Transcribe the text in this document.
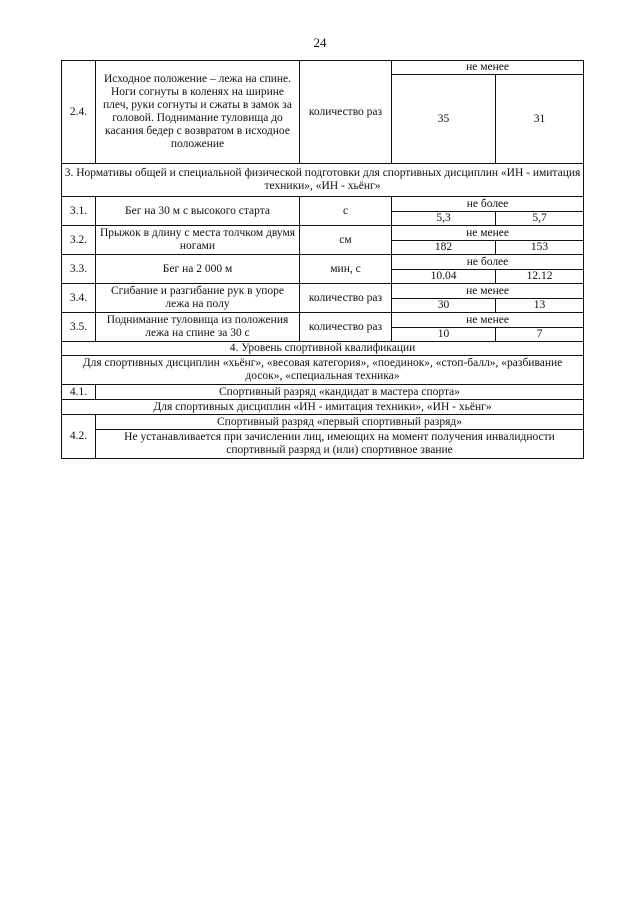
24
2.4.	Исходное положение – лежа на спине. Ноги согнуты в коленях на ширине плеч, руки согнуты и сжаты в замок за головой. Поднимание туловища до касания бедер с возвратом в исходное положение	количество раз	не менее	
			35	31
3. Нормативы общей и специальной физической подготовки для спортивных дисциплин «ИН - имитация техники», «ИН - хьёнг»				
3.1.	Бег на 30 м с высокого старта	с	не более	
			5,3	5,7
3.2.	Прыжок в длину с места толчком двумя ногами	см	не менее	
			182	153
3.3.	Бег на 2 000 м	мин, с	не более	
			10.04	12.12
3.4.	Сгибание и разгибание рук в упоре лежа на полу	количество раз	не менее	
			30	13
3.5.	Поднимание туловища из положения лежа на спине за 30 с	количество раз	не менее	
			10	7
4. Уровень спортивной квалификации				
Для спортивных дисциплин «хьёнг», «весовая категория», «поединок», «стоп-балл», «разбивание досок», «специальная техника»				
4.1.	Спортивный разряд «кандидат в мастера спорта»			
Для спортивных дисциплин «ИН - имитация техники», «ИН - хьёнг»				
4.2.	Спортивный разряд «первый спортивный разряд»			
	Не устанавливается при зачислении лиц, имеющих на момент получения инвалидности спортивный разряд и (или) спортивное звание			
